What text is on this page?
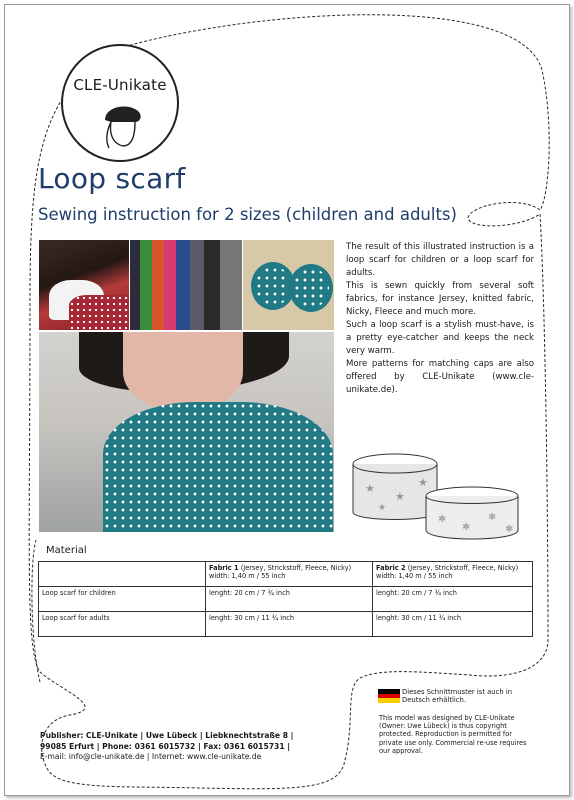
CLE-Unikate
Loop scarf
Sewing instruction for 2 sizes (children and adults)

The result of this illustrated instruction is a loop scarf for children or a loop scarf for adults.

This is sewn quickly from several soft fabrics, for instance Jersey, knitted fabric, Nicky, Fleece and much more.

Such a loop scarf is a stylish must-have, is a pretty eye-catcher and keeps the neck very warm.

More patterns for matching caps are also offered by CLE-Unikate (www.cle-unikate.de).

★
★
★
★
✱
✱
✱
✱
Material
	Fabric 1 (Jersey, Strickstoff, Fleece, Nicky)
width: 1,40 m / 55 inch	Fabric 2 (Jersey, Strickstoff, Fleece, Nicky)
width: 1,40 m / 55 inch
Loop scarf for children	lenght: 20 cm / 7 ¾ inch	lenght: 20 cm / 7 ¾ inch
Loop scarf for adults	lenght: 30 cm / 11 ¾ inch	lenght: 30 cm / 11 ¾ inch
Dieses Schnittmuster ist auch in Deutsch erhältlich.
This model was designed by CLE-Unikate (Owner: Uwe Lübeck) is thus copyright protected. Reproduction is permitted for private use only. Commercial re-use requires our approval.
Publisher: CLE-Unikate | Uwe Lübeck | Liebknechtstraße 8 |
99085 Erfurt | Phone: 0361 6015732 | Fax: 0361 6015731 |
E-mail: info@cle-unikate.de | Internet: www.cle-unikate.de
